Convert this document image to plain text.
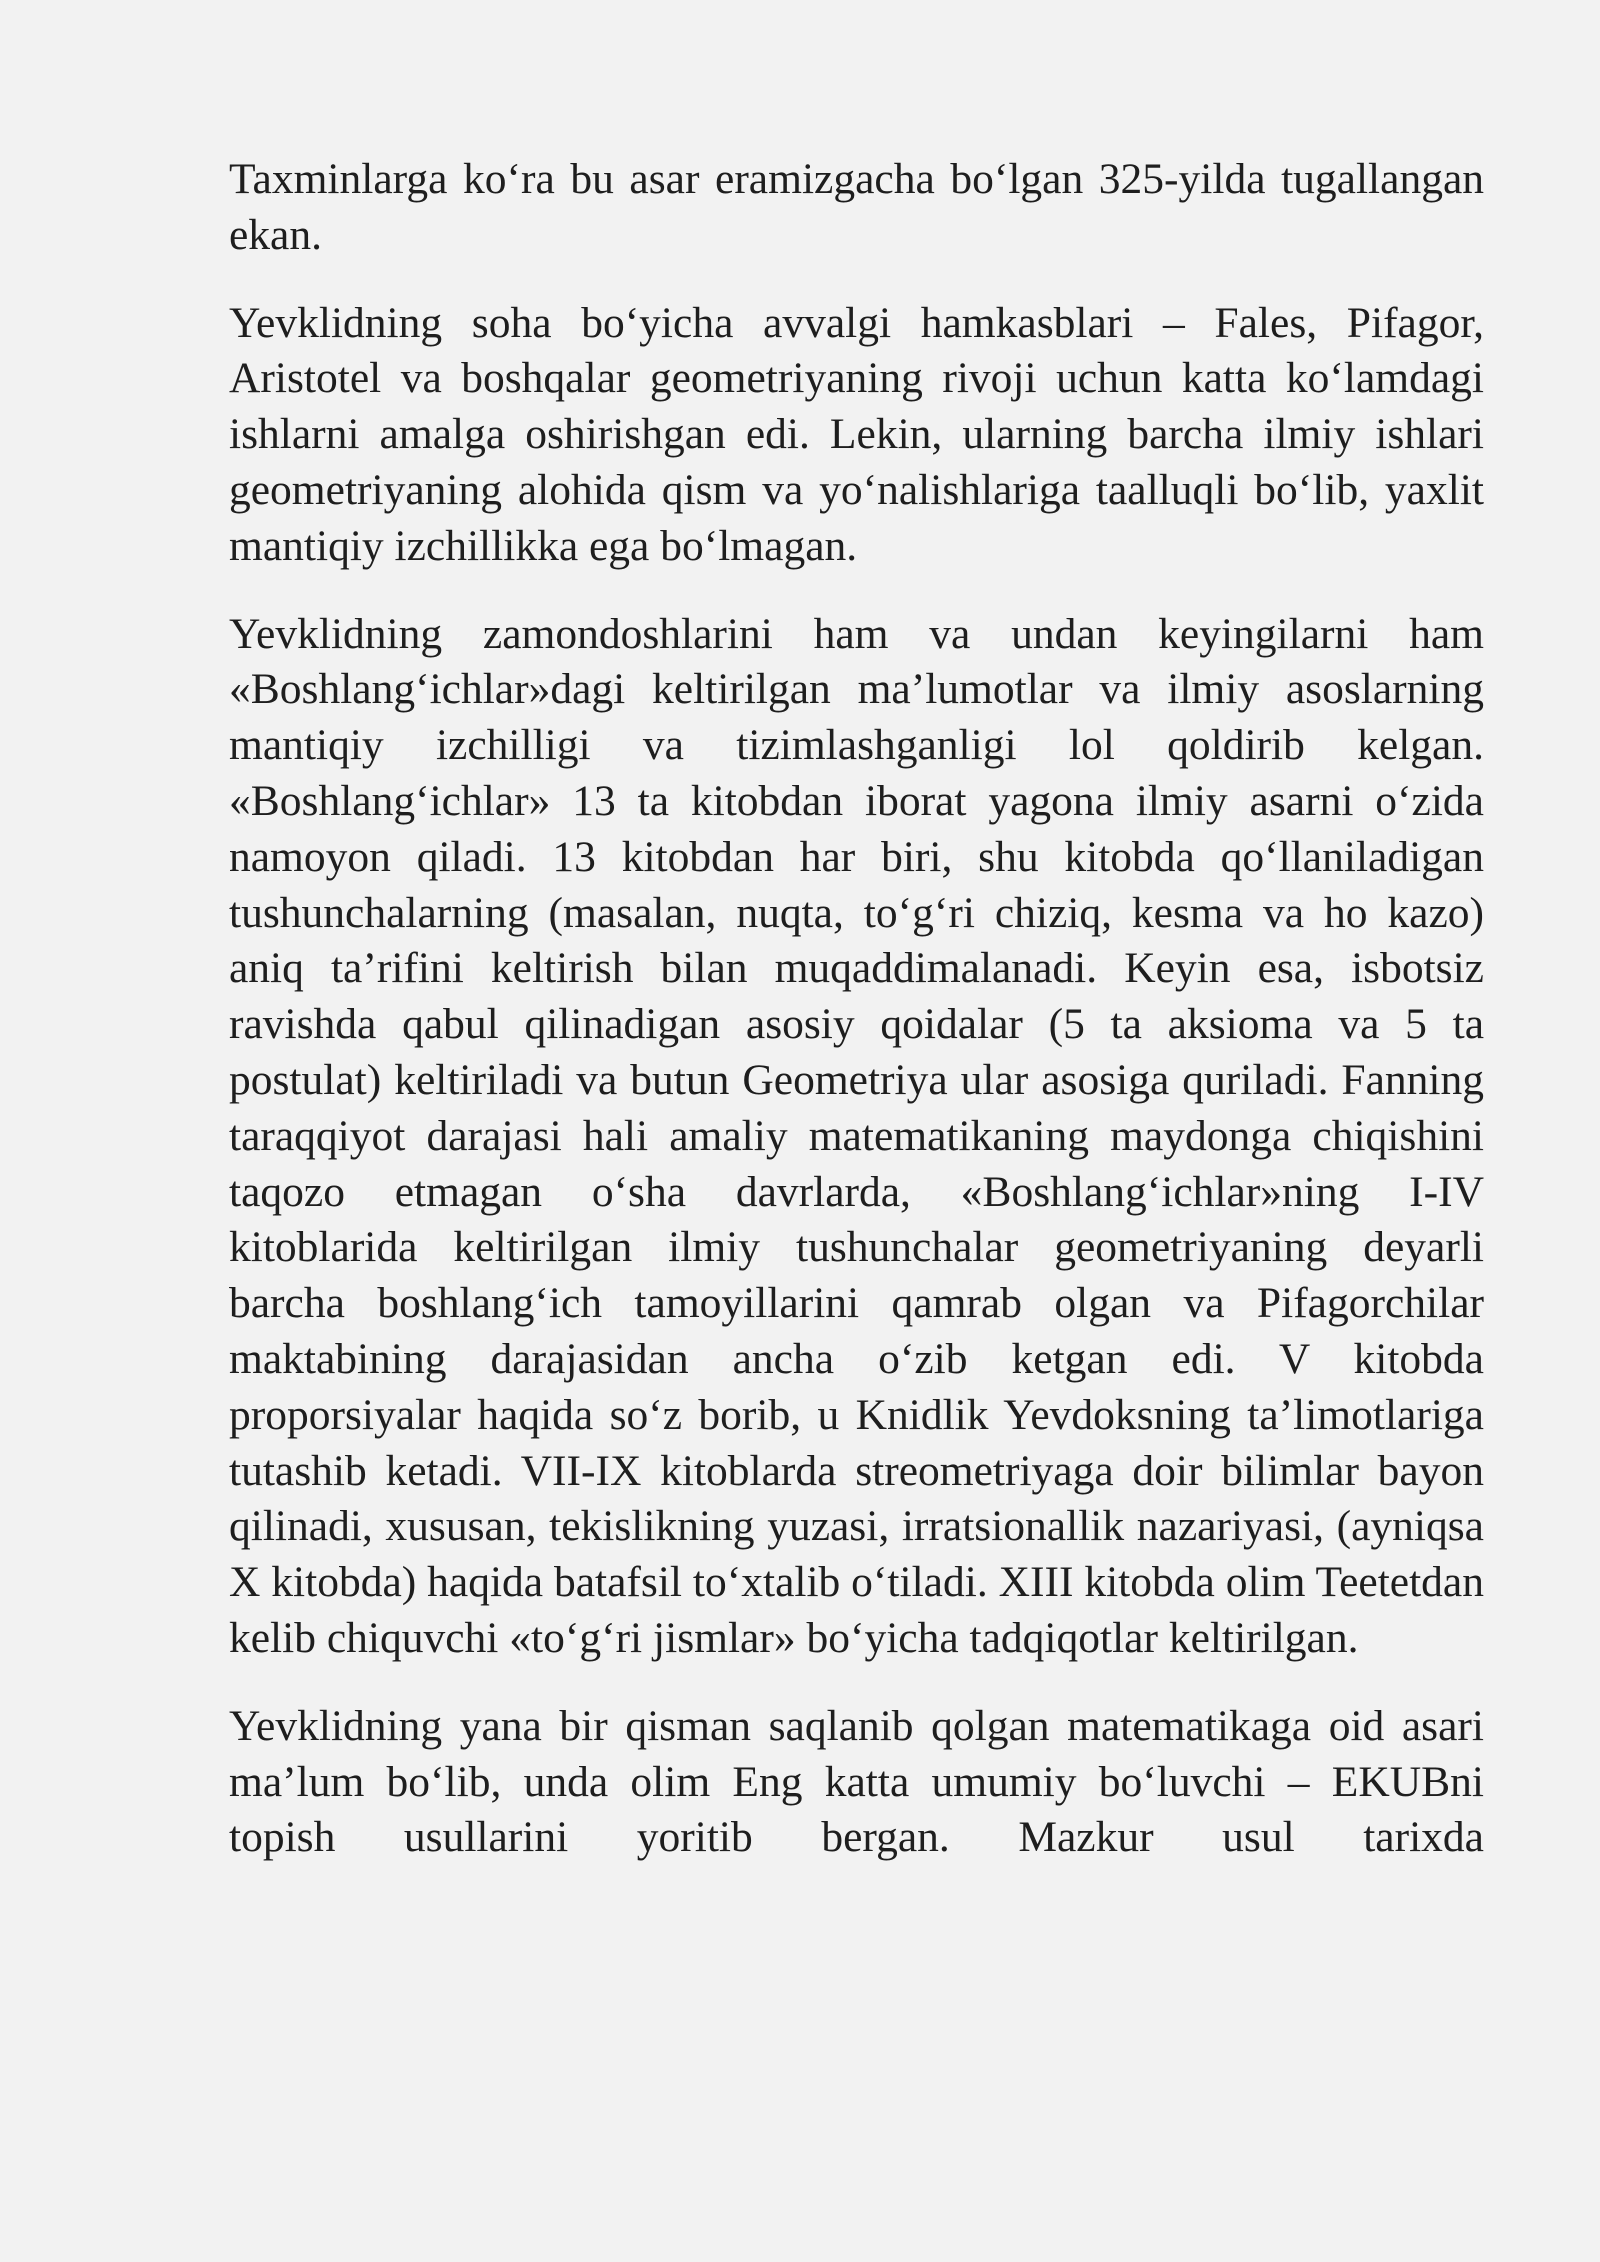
Taxminlarga ko‘ra bu asar eramizgacha bo‘lgan 325-yilda tugallangan ekan.

Yevklidning soha bo‘yicha avvalgi hamkasblari – Fales, Pifagor, Aristotel va boshqalar geometriyaning rivoji uchun katta ko‘lamdagi ishlarni amalga oshirishgan edi. Lekin, ularning barcha ilmiy ishlari geometriyaning alohida qism va yo‘nalishlariga taalluqli bo‘lib, yaxlit mantiqiy izchillikka ega bo‘lmagan.

Yevklidning zamondoshlarini ham va undan keyingilarni ham «Boshlang‘ichlar»dagi keltirilgan ma’lumotlar va ilmiy asoslarning mantiqiy izchilligi va tizimlashganligi lol qoldirib kelgan. «Boshlang‘ichlar» 13 ta kitobdan iborat yagona ilmiy asarni o‘zida namoyon qiladi. 13 kitobdan har biri, shu kitobda qo‘llaniladigan tushunchalarning (masalan, nuqta, to‘g‘ri chiziq, kesma va ho kazo) aniq ta’rifini keltirish bilan muqaddimalanadi. Keyin esa, isbotsiz ravishda qabul qilinadigan asosiy qoidalar (5 ta aksioma va 5 ta postulat) keltiriladi va butun Geometriya ular asosiga quriladi. Fanning taraqqiyot darajasi hali amaliy matematikaning maydonga chiqishini taqozo etmagan o‘sha davrlarda, «Boshlang‘ichlar»ning I-IV kitoblarida keltirilgan ilmiy tushunchalar geometriyaning deyarli barcha boshlang‘ich tamoyillarini qamrab olgan va Pifagorchilar maktabining darajasidan ancha o‘zib ketgan edi. V kitobda proporsiyalar haqida so‘z borib, u Knidlik Yevdoksning ta’limotlariga tutashib ketadi. VII-IX kitoblarda streometriyaga doir bilimlar bayon qilinadi, xususan, tekislikning yuzasi, irratsionallik nazariyasi, (ayniqsa X kitobda) haqida batafsil to‘xtalib o‘tiladi. XIII kitobda olim Teetetdan kelib chiquvchi «to‘g‘ri jismlar» bo‘yicha tadqiqotlar keltirilgan.

Yevklidning yana bir qisman saqlanib qolgan matematikaga oid asari ma’lum bo‘lib, unda olim Eng katta umumiy bo‘luvchi – EKUBni topish usullarini yoritib bergan. Mazkur usul tarixda
